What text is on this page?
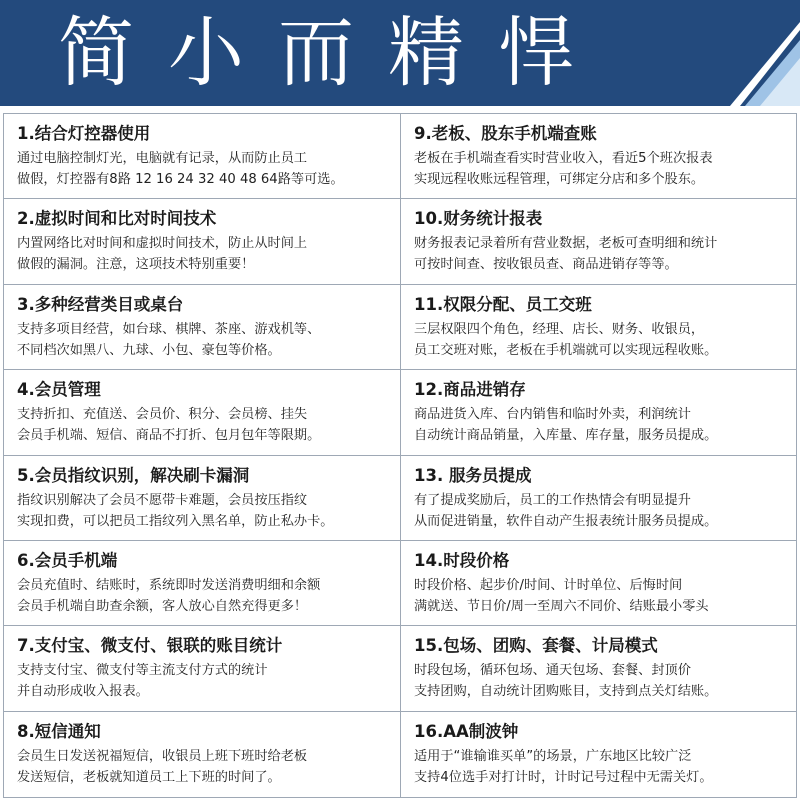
简小而精悍
1.结合灯控器使用
通过电脑控制灯光，电脑就有记录，从而防止员工
做假，灯控器有8路 12 16 24 32 40 48 64路等可选。
9.老板、股东手机端查账
老板在手机端查看实时营业收入，看近5个班次报表
实现远程收账远程管理，可绑定分店和多个股东。
2.虚拟时间和比对时间技术
内置网络比对时间和虚拟时间技术，防止从时间上
做假的漏洞。注意，这项技术特别重要！
10.财务统计报表
财务报表记录着所有营业数据，老板可查明细和统计
可按时间查、按收银员查、商品进销存等等。
3.多种经营类目或桌台
支持多项目经营，如台球、棋牌、茶座、游戏机等、
不同档次如黑八、九球、小包、豪包等价格。
11.权限分配、员工交班
三层权限四个角色，经理、店长、财务、收银员，
员工交班对账，老板在手机端就可以实现远程收账。
4.会员管理
支持折扣、充值送、会员价、积分、会员榜、挂失
会员手机端、短信、商品不打折、包月包年等限期。
12.商品进销存
商品进货入库、台内销售和临时外卖，利润统计
自动统计商品销量，入库量、库存量，服务员提成。
5.会员指纹识别，解决刷卡漏洞
指纹识别解决了会员不愿带卡难题，会员按压指纹
实现扣费，可以把员工指纹列入黑名单，防止私办卡。
13. 服务员提成
有了提成奖励后，员工的工作热情会有明显提升
从而促进销量，软件自动产生报表统计服务员提成。
6.会员手机端
会员充值时、结账时，系统即时发送消费明细和余额
会员手机端自助查余额，客人放心自然充得更多！
14.时段价格
时段价格、起步价/时间、计时单位、后悔时间
满就送、节日价/周一至周六不同价、结账最小零头
7.支付宝、微支付、银联的账目统计
支持支付宝、微支付等主流支付方式的统计
并自动形成收入报表。
15.包场、团购、套餐、计局模式
时段包场，循环包场、通天包场、套餐、封顶价
支持团购，自动统计团购账目，支持到点关灯结账。
8.短信通知
会员生日发送祝福短信，收银员上班下班时给老板
发送短信，老板就知道员工上下班的时间了。
16.AA制波钟
适用于“谁输谁买单”的场景，广东地区比较广泛
支持4位选手对打计时，计时记号过程中无需关灯。
